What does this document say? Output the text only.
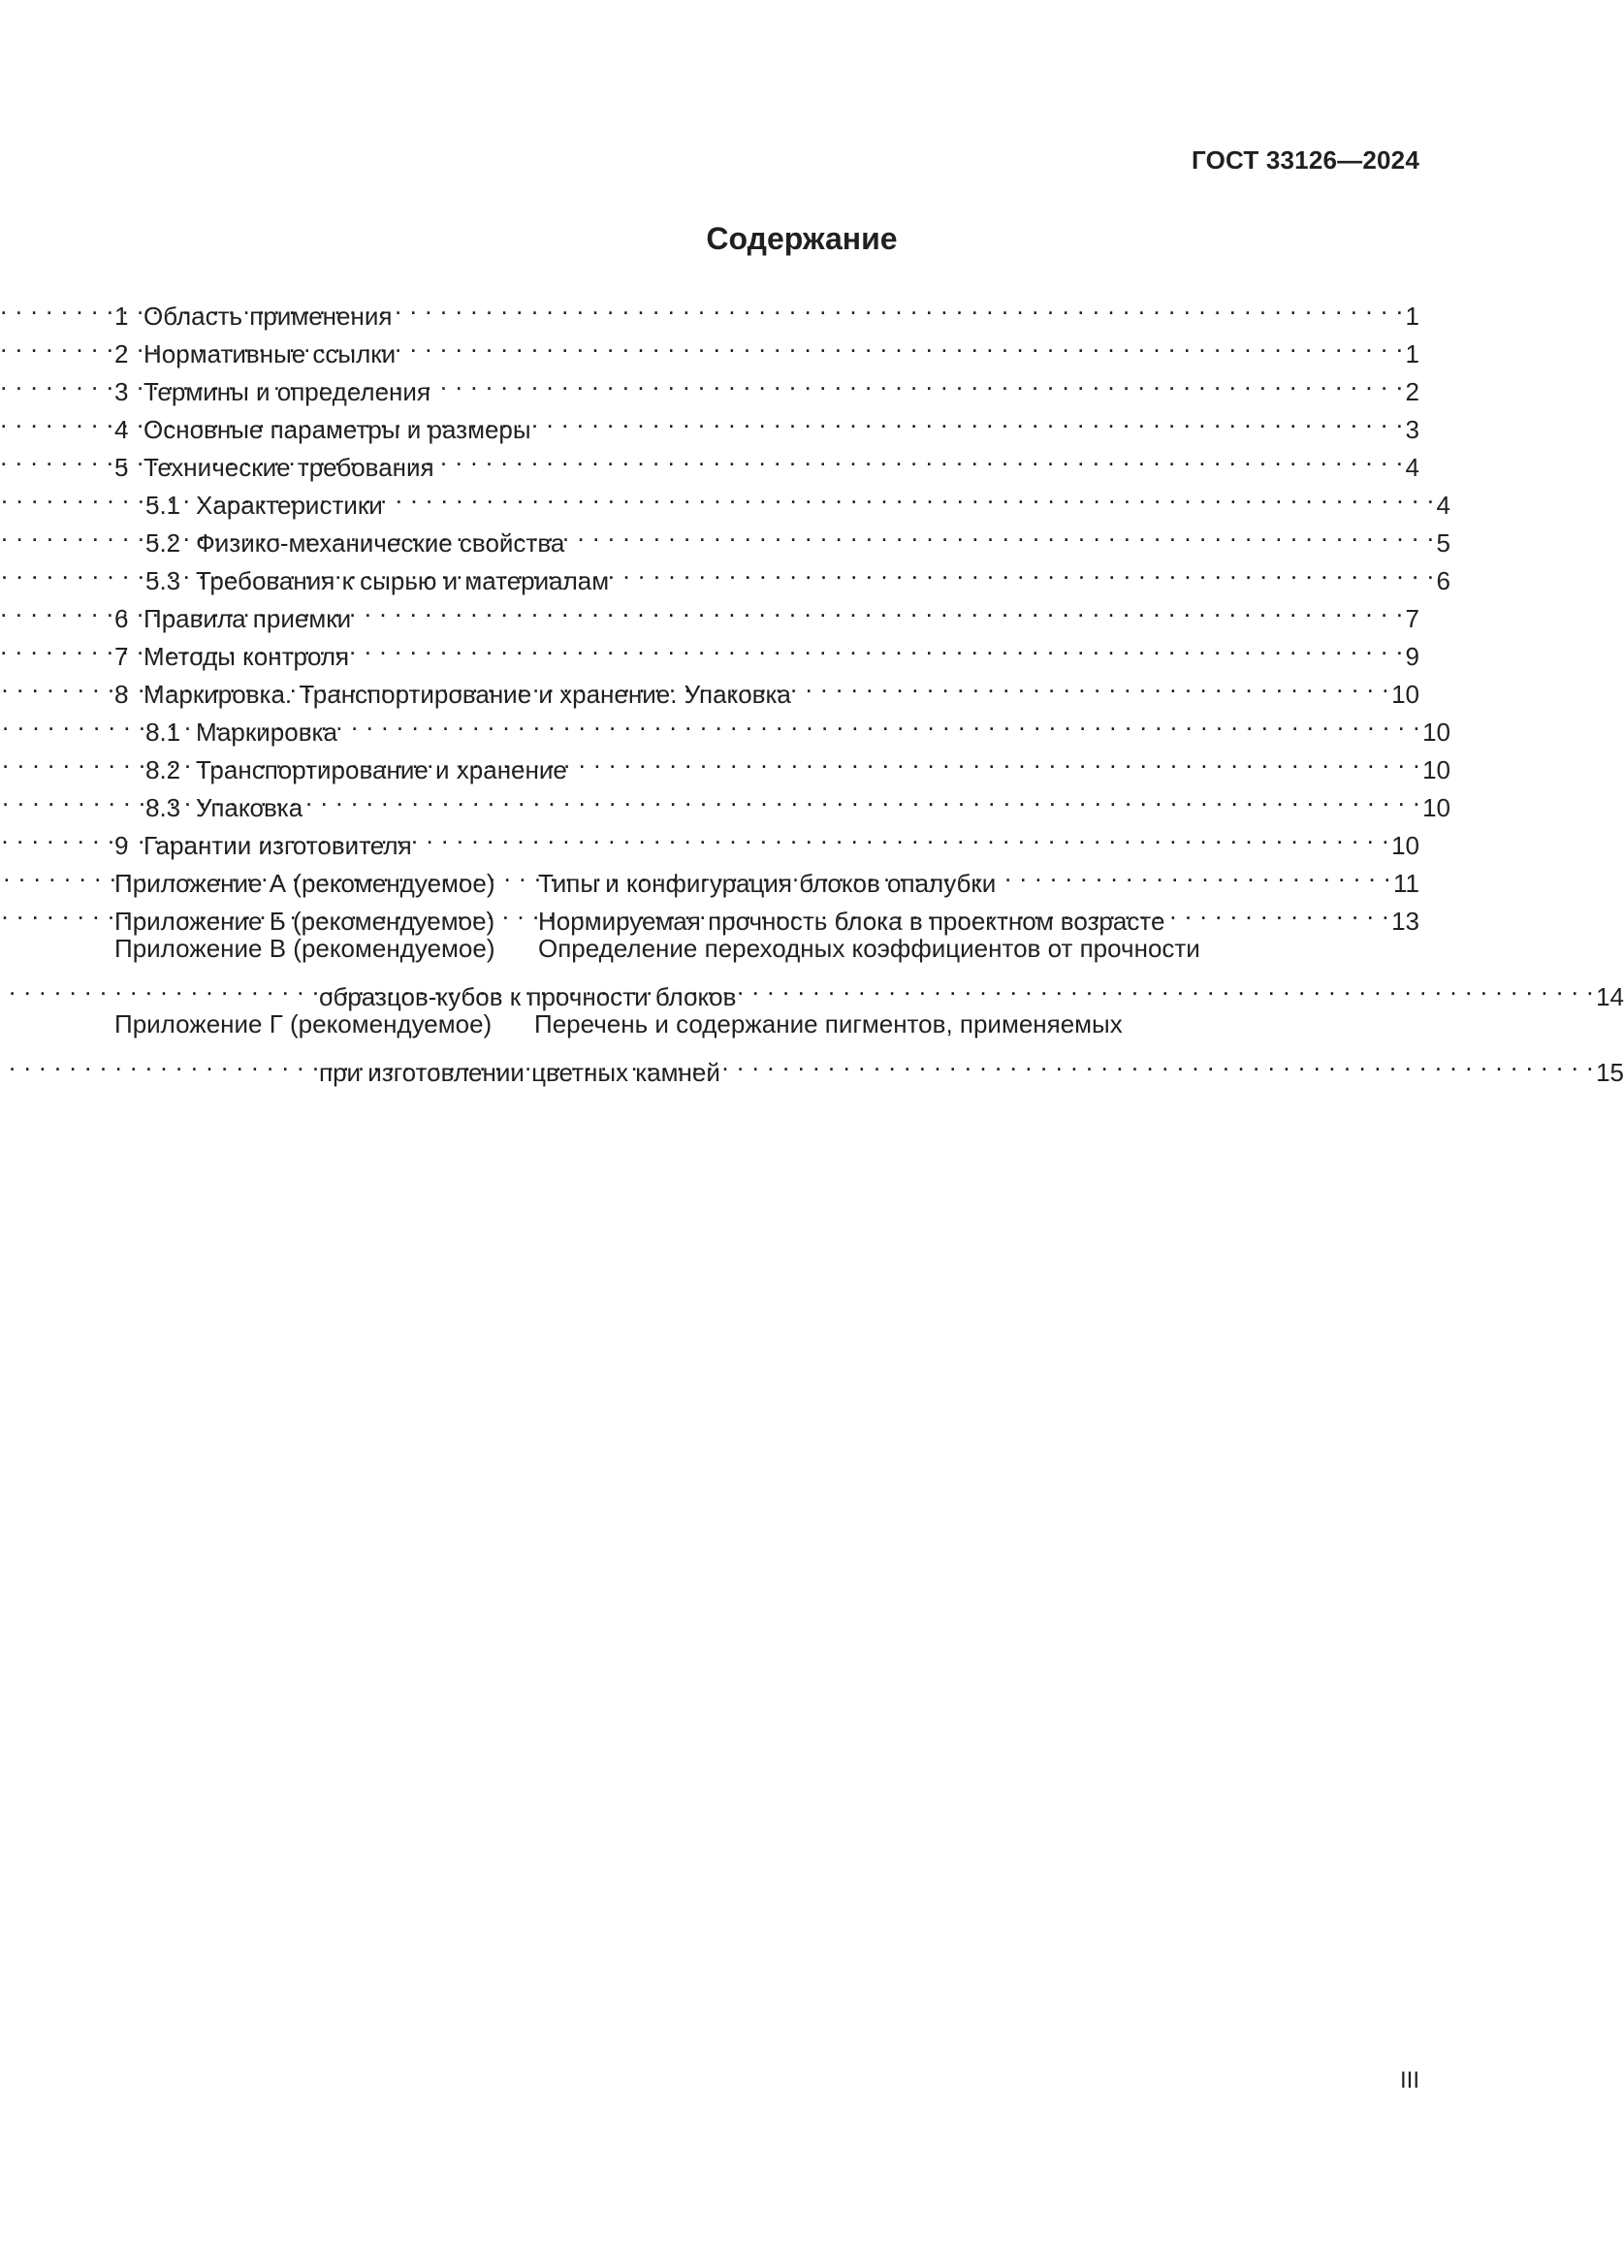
ГОСТ 33126—2024
Содержание
1 Область применения . . .	1
2 Нормативные ссылки . . .	1
3 Термины и определения . . .	2
4 Основные параметры и размеры . . .	3
5 Технические требования . . .	4
5.1 Характеристики . . .	4
5.2 Физико-механические свойства . . .	5
5.3 Требования к сырью и материалам . . .	6
6 Правила приемки . . .	7
7 Методы контроля . . .	9
8 Маркировка. Транспортирование и хранение. Упаковка . . .	10
8.1 Маркировка . . .	10
8.2 Транспортирование и хранение . . .	10
8.3 Упаковка . . .	10
9 Гарантии изготовителя . . .	10
Приложение А (рекомендуемое)	Типы и конфигурация блоков опалубки . . .	11
Приложение Б (рекомендуемое)	Нормируемая прочность блока в проектном возрасте . . .	13
Приложение В (рекомендуемое)	Определение переходных коэффициентов от прочности
образцов-кубов к прочности блоков . . .	14
Приложение Г (рекомендуемое)	Перечень и содержание пигментов, применяемых
при изготовлении цветных камней . . .	15
III
